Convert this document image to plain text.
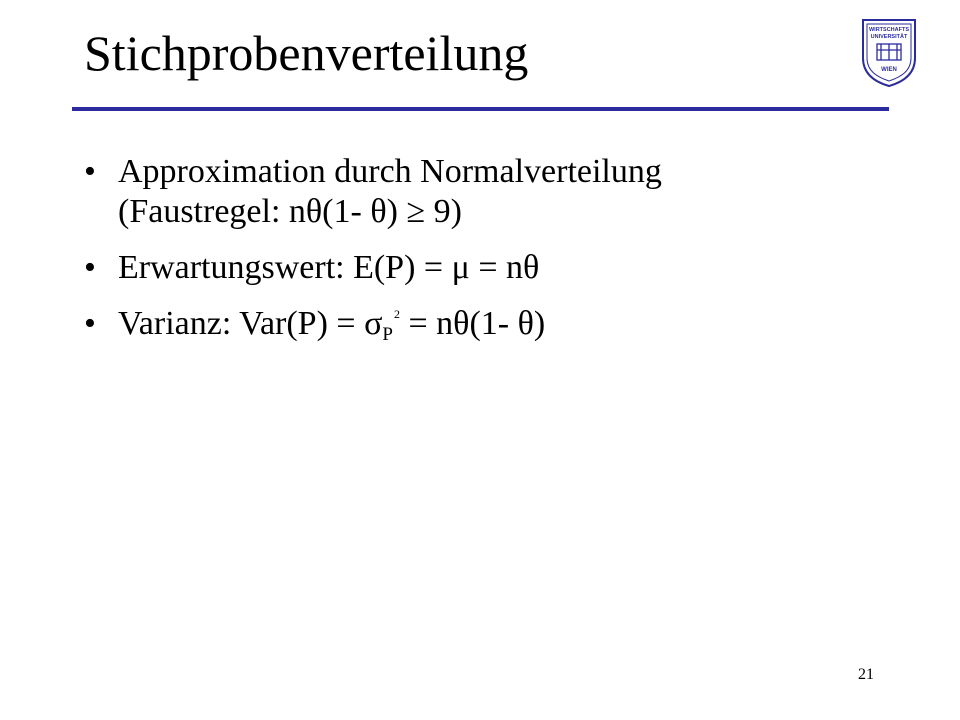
Stichprobenverteilung	WIRTSCHAFTS
UNIVERSITÄT
WIEN
• Approximation durch Normalverteilung
(Faustregel: nθ(1- θ) ≥ 9)
• Erwartungswert: E(P) = μ = nθ
• Varianz: $Var(P) = \sigma P^2 = n\theta(1-$ θ)
21
